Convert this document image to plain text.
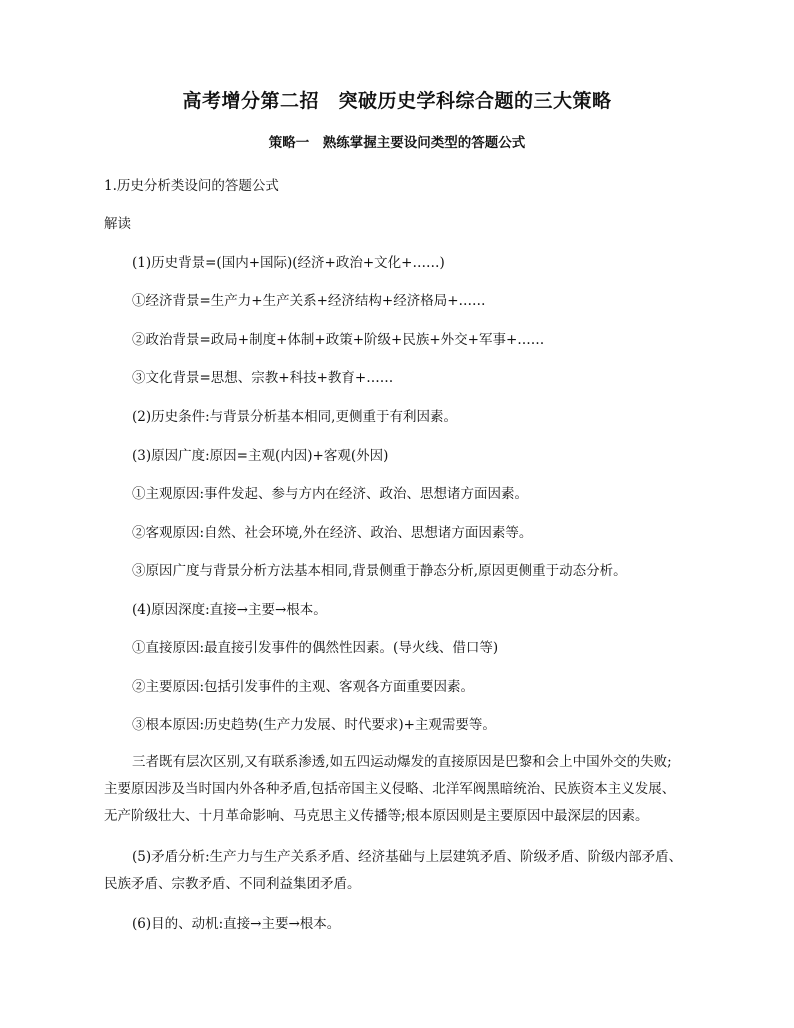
高考增分第二招　突破历史学科综合题的三大策略
策略一　熟练掌握主要设问类型的答题公式
1.历史分析类设问的答题公式
解读
(1)历史背景=(国内+国际)(经济+政治+文化+……)
①经济背景=生产力+生产关系+经济结构+经济格局+……
②政治背景=政局+制度+体制+政策+阶级+民族+外交+军事+……
③文化背景=思想、宗教+科技+教育+……
(2)历史条件:与背景分析基本相同,更侧重于有利因素。
(3)原因广度:原因=主观(内因)+客观(外因)
①主观原因:事件发起、参与方内在经济、政治、思想诸方面因素。
②客观原因:自然、社会环境,外在经济、政治、思想诸方面因素等。
③原因广度与背景分析方法基本相同,背景侧重于静态分析,原因更侧重于动态分析。
(4)原因深度:直接→主要→根本。
①直接原因:最直接引发事件的偶然性因素。(导火线、借口等)
②主要原因:包括引发事件的主观、客观各方面重要因素。
③根本原因:历史趋势(生产力发展、时代要求)+主观需要等。
三者既有层次区别,又有联系渗透,如五四运动爆发的直接原因是巴黎和会上中国外交的失败;
主要原因涉及当时国内外各种矛盾,包括帝国主义侵略、北洋军阀黑暗统治、民族资本主义发展、
无产阶级壮大、十月革命影响、马克思主义传播等;根本原因则是主要原因中最深层的因素。
(5)矛盾分析:生产力与生产关系矛盾、经济基础与上层建筑矛盾、阶级矛盾、阶级内部矛盾、
民族矛盾、宗教矛盾、不同利益集团矛盾。
(6)目的、动机:直接→主要→根本。
